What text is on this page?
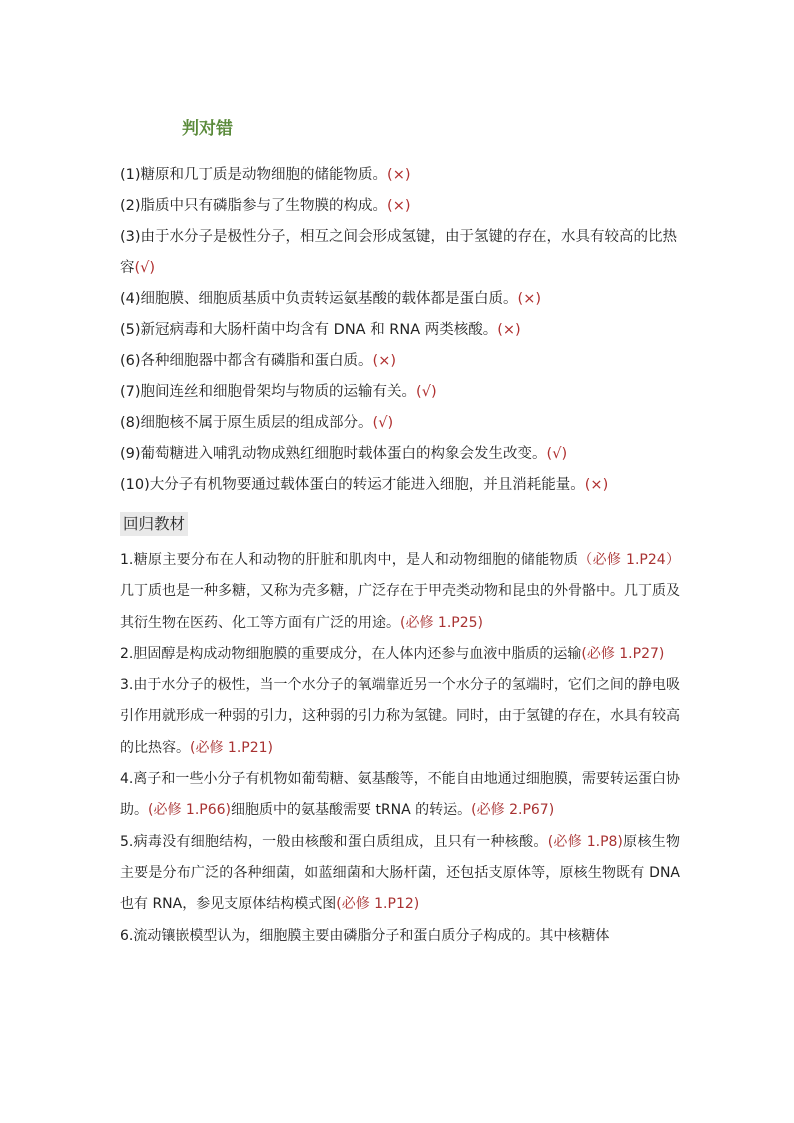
判对错
(1)糖原和几丁质是动物细胞的储能物质。(×)
(2)脂质中只有磷脂参与了生物膜的构成。(×)
(3)由于水分子是极性分子，相互之间会形成氢键，由于氢键的存在，水具有较高的比热容(√)
(4)细胞膜、细胞质基质中负责转运氨基酸的载体都是蛋白质。(×)
(5)新冠病毒和大肠杆菌中均含有 DNA 和 RNA 两类核酸。(×)
(6)各种细胞器中都含有磷脂和蛋白质。(×)
(7)胞间连丝和细胞骨架均与物质的运输有关。(√)
(8)细胞核不属于原生质层的组成部分。(√)
(9)葡萄糖进入哺乳动物成熟红细胞时载体蛋白的构象会发生改变。(√)
(10)大分子有机物要通过载体蛋白的转运才能进入细胞，并且消耗能量。(×)
回归教材
1.糖原主要分布在人和动物的肝脏和肌肉中，是人和动物细胞的储能物质（必修 1.P24）几丁质也是一种多糖，又称为壳多糖，广泛存在于甲壳类动物和昆虫的外骨骼中。几丁质及其衍生物在医药、化工等方面有广泛的用途。(必修 1.P25)
2.胆固醇是构成动物细胞膜的重要成分，在人体内还参与血液中脂质的运输(必修 1.P27)
3.由于水分子的极性，当一个水分子的氧端靠近另一个水分子的氢端时，它们之间的静电吸引作用就形成一种弱的引力，这种弱的引力称为氢键。同时，由于氢键的存在，水具有较高的比热容。(必修 1.P21)
4.离子和一些小分子有机物如葡萄糖、氨基酸等，不能自由地通过细胞膜，需要转运蛋白协助。(必修 1.P66)细胞质中的氨基酸需要 tRNA 的转运。(必修 2.P67)
5.病毒没有细胞结构，一般由核酸和蛋白质组成，且只有一种核酸。(必修 1.P8)原核生物主要是分布广泛的各种细菌，如蓝细菌和大肠杆菌，还包括支原体等，原核生物既有 DNA 也有 RNA，参见支原体结构模式图(必修 1.P12)
6.流动镶嵌模型认为，细胞膜主要由磷脂分子和蛋白质分子构成的。其中核糖体
